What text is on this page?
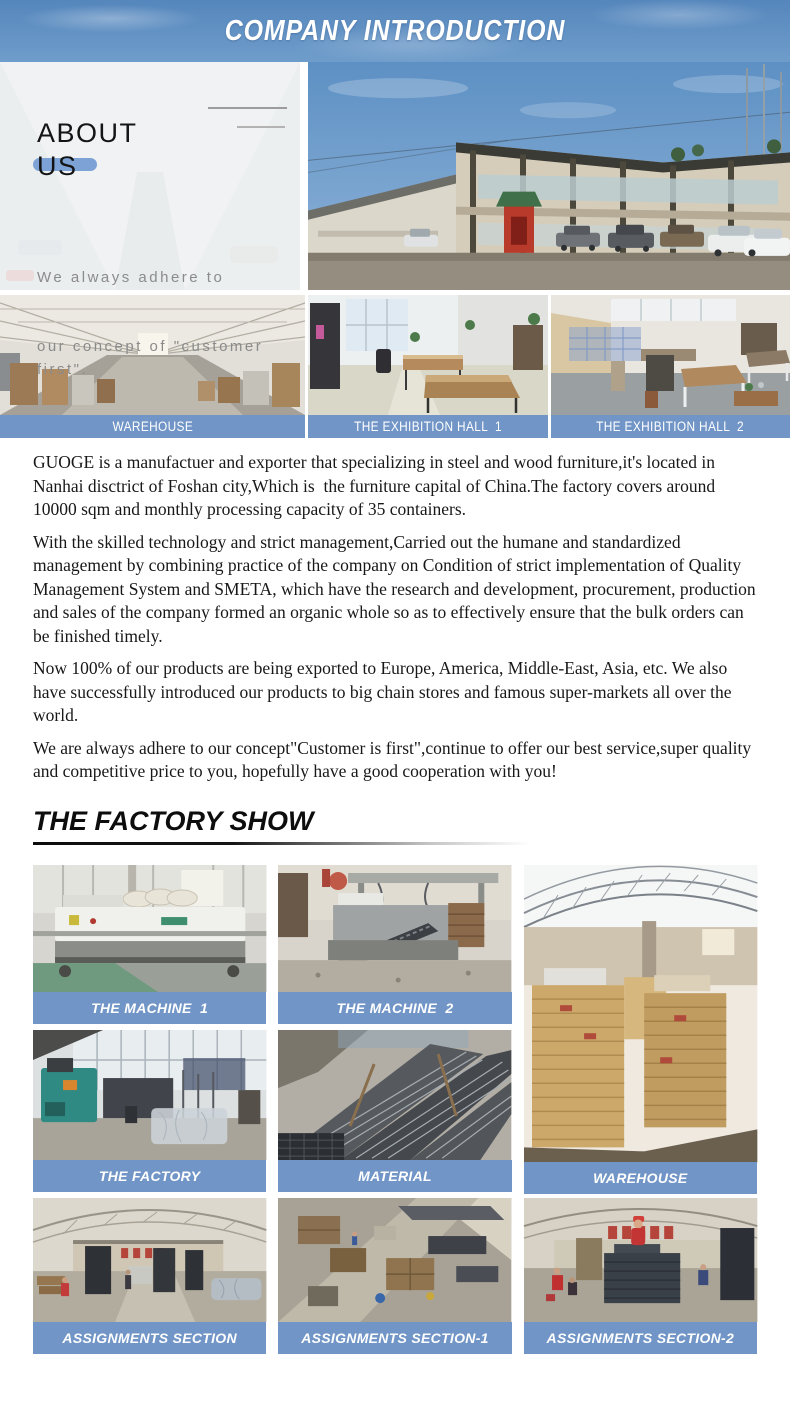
COMPANY INTRODUCTION
ABOUT
US

We always adhere to

our concept of "customer first".

WAREHOUSE	THE EXHIBITION HALL  1	THE EXHIBITION HALL  2

GUOGE is a manufactuer and exporter that specializing in steel and wood furniture,it's located in Nanhai disctrict of Foshan city,Which is  the furniture capital of China.The factory covers around 10000 sqm and monthly processing capacity of 35 containers.

With the skilled technology and strict management,Carried out the humane and standardized management by combining practice of the company on Condition of strict implementation of Quality Management System and SMETA, which have the research and development, procurement, production and sales of the company formed an organic whole so as to effectively ensure that the bulk orders can be finished timely.

Now 100% of our products are being exported to Europe, America, Middle-East, Asia, etc. We also have successfully introduced our products to big chain stores and famous super-markets all over the world.

We are always adhere to our concept"Customer is first",continue to offer our best service,super quality and competitive price to you, hopefully have a good cooperation with you!

THE FACTORY SHOW
THE MACHINE  1	THE MACHINE  2
WAREHOUSE
THE FACTORY	MATERIAL
ASSIGNMENTS SECTION	ASSIGNMENTS SECTION-1	ASSIGNMENTS SECTION-2
